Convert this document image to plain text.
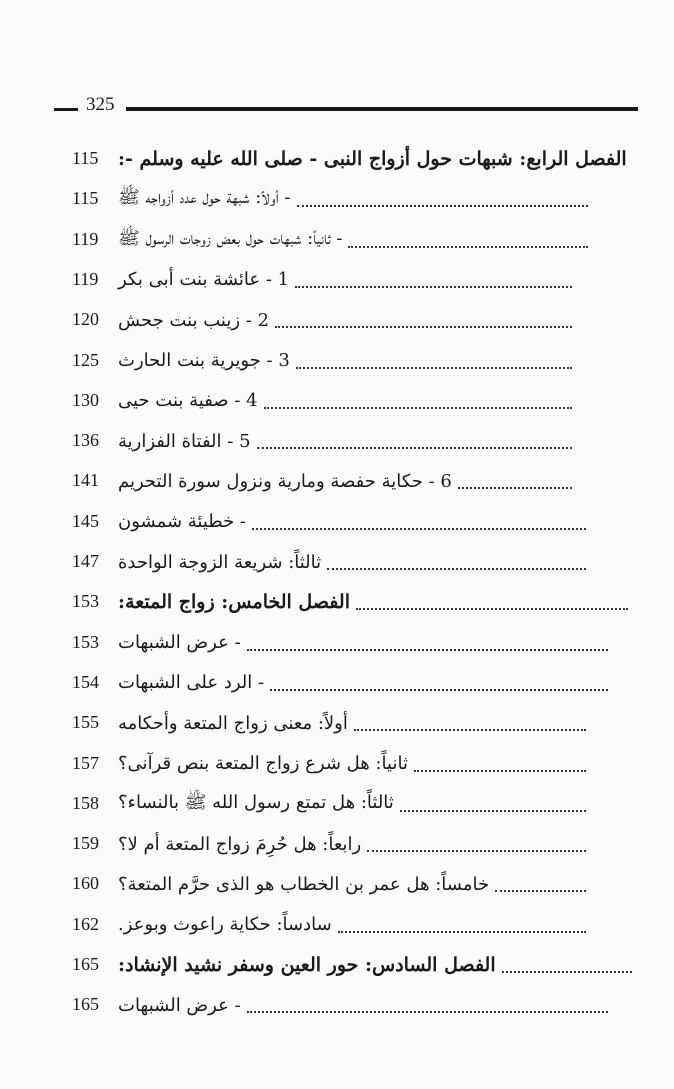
325
115	الفصل الرابع: شبهات حول أزواج النبى - صلى الله عليه وسلم -:
115	- أولاً: شبهة حول عدد أزواجه ﷺ
119	- ثانياً: شبهات حول بعض زوجات الرسول ﷺ
119	1 - عائشة بنت أبى بكر
120	2 - زينب بنت جحش
125	3 - جويرية بنت الحارث
130	4 - صفية بنت حيى
136	5 - الفتاة الفزارية
141	6 - حكاية حفصة ومارية ونزول سورة التحريم
145	- خطيئة شمشون
147	ثالثاً: شريعة الزوجة الواحدة
153	الفصل الخامس: زواج المتعة:
153	- عرض الشبهات
154	- الرد على الشبهات
155	أولاً: معنى زواج المتعة وأحكامه
157	ثانياً: هل شرع زواج المتعة بنص قرآنى؟
158	ثالثاً: هل تمتع رسول الله ﷺ بالنساء؟
159	رابعاً: هل حُرِمَ زواج المتعة أم لا؟
160	خامساً: هل عمر بن الخطاب هو الذى حرَّم المتعة؟
162	سادساً: حكاية راعوث وبوعز.
165	الفصل السادس: حور العين وسفر نشيد الإنشاد:
165	- عرض الشبهات
